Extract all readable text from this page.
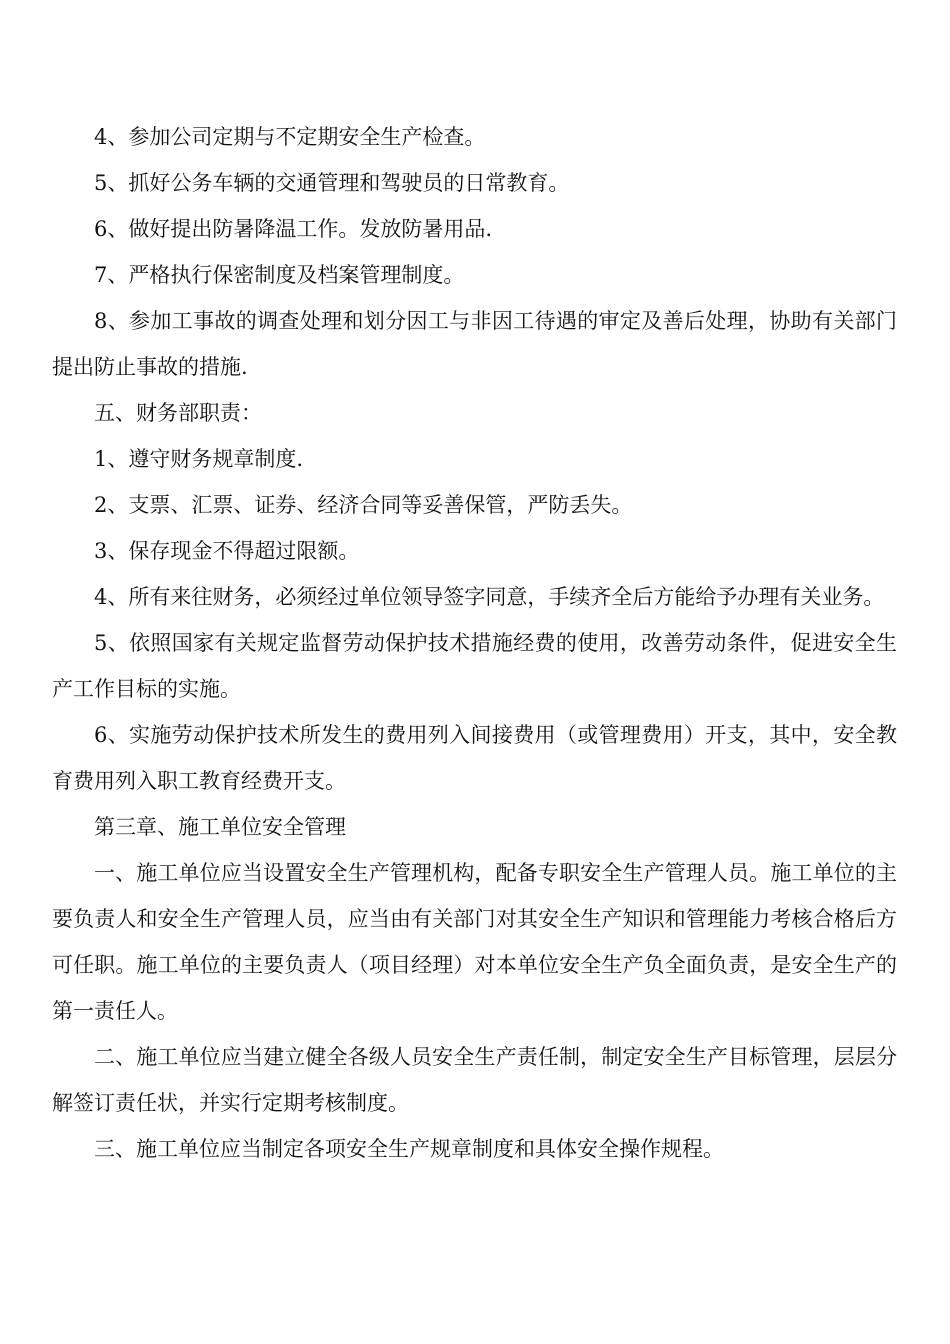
4、参加公司定期与不定期安全生产检查。

5、抓好公务车辆的交通管理和驾驶员的日常教育。

6、做好提出防暑降温工作。发放防暑用品.

7、严格执行保密制度及档案管理制度。

8、参加工事故的调查处理和划分因工与非因工待遇的审定及善后处理，协助有关部门提出防止事故的措施.

五、财务部职责：

1、遵守财务规章制度.

2、支票、汇票、证券、经济合同等妥善保管，严防丢失。

3、保存现金不得超过限额。

4、所有来往财务，必须经过单位领导签字同意，手续齐全后方能给予办理有关业务。

5、依照国家有关规定监督劳动保护技术措施经费的使用，改善劳动条件，促进安全生产工作目标的实施。

6、实施劳动保护技术所发生的费用列入间接费用（或管理费用）开支，其中，安全教育费用列入职工教育经费开支。

第三章、施工单位安全管理

一、施工单位应当设置安全生产管理机构，配备专职安全生产管理人员。施工单位的主要负责人和安全生产管理人员，应当由有关部门对其安全生产知识和管理能力考核合格后方可任职。施工单位的主要负责人（项目经理）对本单位安全生产负全面负责，是安全生产的第一责任人。

二、施工单位应当建立健全各级人员安全生产责任制，制定安全生产目标管理，层层分解签订责任状，并实行定期考核制度。

三、施工单位应当制定各项安全生产规章制度和具体安全操作规程。
